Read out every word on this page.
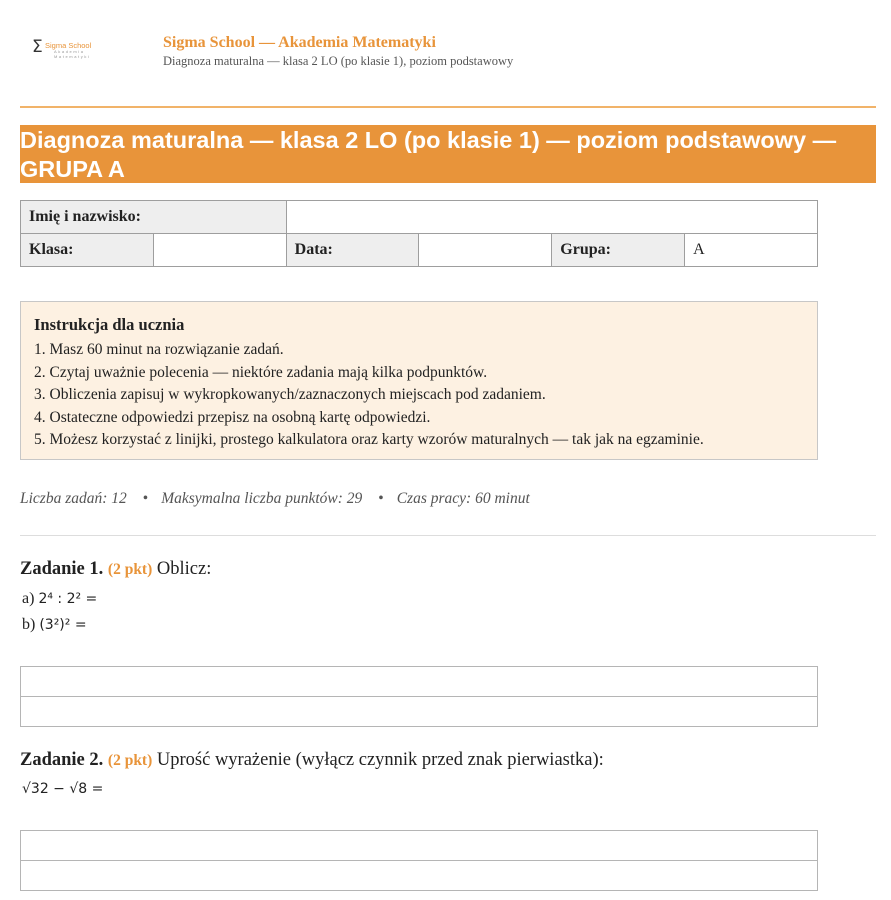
Σ Sigma School
Akademia
Matematyki
Sigma School — Akademia Matematyki
Diagnoza maturalna — klasa 2 LO (po klasie 1), poziom podstawowy
Diagnoza maturalna — klasa 2 LO (po klasie 1) — poziom podstawowy — GRUPA A
Imię i nazwisko:					
Klasa:		Data:		Grupa:	A
Instrukcja dla ucznia
1. Masz 60 minut na rozwiązanie zadań.
2. Czytaj uważnie polecenia — niektóre zadania mają kilka podpunktów.
3. Obliczenia zapisuj w wykropkowanych/zaznaczonych miejscach pod zadaniem.
4. Ostateczne odpowiedzi przepisz na osobną kartę odpowiedzi.
5. Możesz korzystać z linijki, prostego kalkulatora oraz karty wzorów maturalnych — tak jak na egzaminie.
Liczba zadań: 12 • Maksymalna liczba punktów: 29 • Czas pracy: 60 minut
Zadanie 1. (2 pkt) Oblicz:
a) 2⁴ : 2² =
b) (3²)² =
Zadanie 2. (2 pkt) Uprość wyrażenie (wyłącz czynnik przed znak pierwiastka):
√32 − √8 =
